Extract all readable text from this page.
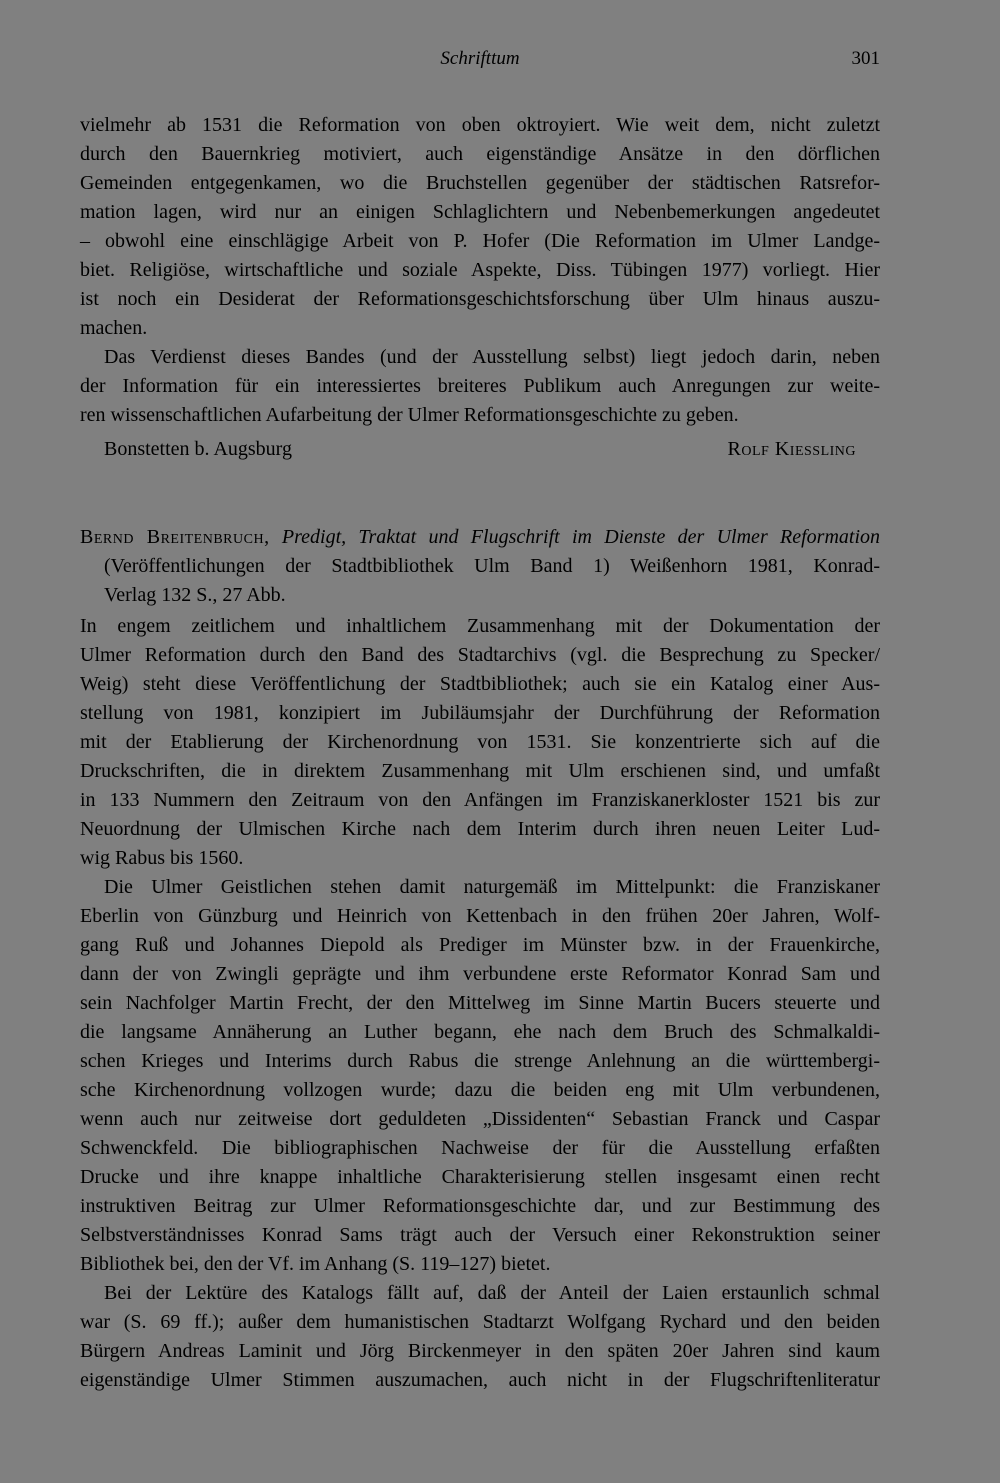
Schrifttum	301

vielmehr ab 1531 die Reformation von oben oktroyiert. Wie weit dem, nicht zuletzt
durch den Bauernkrieg motiviert, auch eigenständige Ansätze in den dörflichen
Gemeinden entgegenkamen, wo die Bruchstellen gegenüber der städtischen Ratsrefor-
mation lagen, wird nur an einigen Schlaglichtern und Nebenbemerkungen angedeutet
– obwohl eine einschlägige Arbeit von P. Hofer (Die Reformation im Ulmer Landge-
biet. Religiöse, wirtschaftliche und soziale Aspekte, Diss. Tübingen 1977) vorliegt. Hier
ist noch ein Desiderat der Reformationsgeschichtsforschung über Ulm hinaus auszu-
machen.

Das Verdienst dieses Bandes (und der Ausstellung selbst) liegt jedoch darin, neben
der Information für ein interessiertes breiteres Publikum auch Anregungen zur weite-
ren wissenschaftlichen Aufarbeitung der Ulmer Reformationsgeschichte zu geben.

Bonstetten b. Augsburg	Rolf Kiessling
Bernd Breitenbruch, Predigt, Traktat und Flugschrift im Dienste der Ulmer Reformation
(Veröffentlichungen der Stadtbibliothek Ulm Band 1) Weißenhorn 1981, Konrad-
Verlag 132 S., 27 Abb.

In engem zeitlichem und inhaltlichem Zusammenhang mit der Dokumentation der
Ulmer Reformation durch den Band des Stadtarchivs (vgl. die Besprechung zu Specker/
Weig) steht diese Veröffentlichung der Stadtbibliothek; auch sie ein Katalog einer Aus-
stellung von 1981, konzipiert im Jubiläumsjahr der Durchführung der Reformation
mit der Etablierung der Kirchenordnung von 1531. Sie konzentrierte sich auf die
Druckschriften, die in direktem Zusammenhang mit Ulm erschienen sind, und umfaßt
in 133 Nummern den Zeitraum von den Anfängen im Franziskanerkloster 1521 bis zur
Neuordnung der Ulmischen Kirche nach dem Interim durch ihren neuen Leiter Lud-
wig Rabus bis 1560.

Die Ulmer Geistlichen stehen damit naturgemäß im Mittelpunkt: die Franziskaner
Eberlin von Günzburg und Heinrich von Kettenbach in den frühen 20er Jahren, Wolf-
gang Ruß und Johannes Diepold als Prediger im Münster bzw. in der Frauenkirche,
dann der von Zwingli geprägte und ihm verbundene erste Reformator Konrad Sam und
sein Nachfolger Martin Frecht, der den Mittelweg im Sinne Martin Bucers steuerte und
die langsame Annäherung an Luther begann, ehe nach dem Bruch des Schmalkaldi-
schen Krieges und Interims durch Rabus die strenge Anlehnung an die württembergi-
sche Kirchenordnung vollzogen wurde; dazu die beiden eng mit Ulm verbundenen,
wenn auch nur zeitweise dort geduldeten „Dissidenten“ Sebastian Franck und Caspar
Schwenckfeld. Die bibliographischen Nachweise der für die Ausstellung erfaßten
Drucke und ihre knappe inhaltliche Charakterisierung stellen insgesamt einen recht
instruktiven Beitrag zur Ulmer Reformationsgeschichte dar, und zur Bestimmung des
Selbstverständnisses Konrad Sams trägt auch der Versuch einer Rekonstruktion seiner
Bibliothek bei, den der Vf. im Anhang (S. 119–127) bietet.

Bei der Lektüre des Katalogs fällt auf, daß der Anteil der Laien erstaunlich schmal
war (S. 69 ff.); außer dem humanistischen Stadtarzt Wolfgang Rychard und den beiden
Bürgern Andreas Laminit und Jörg Birckenmeyer in den späten 20er Jahren sind kaum
eigenständige Ulmer Stimmen auszumachen, auch nicht in der Flugschriftenliteratur
